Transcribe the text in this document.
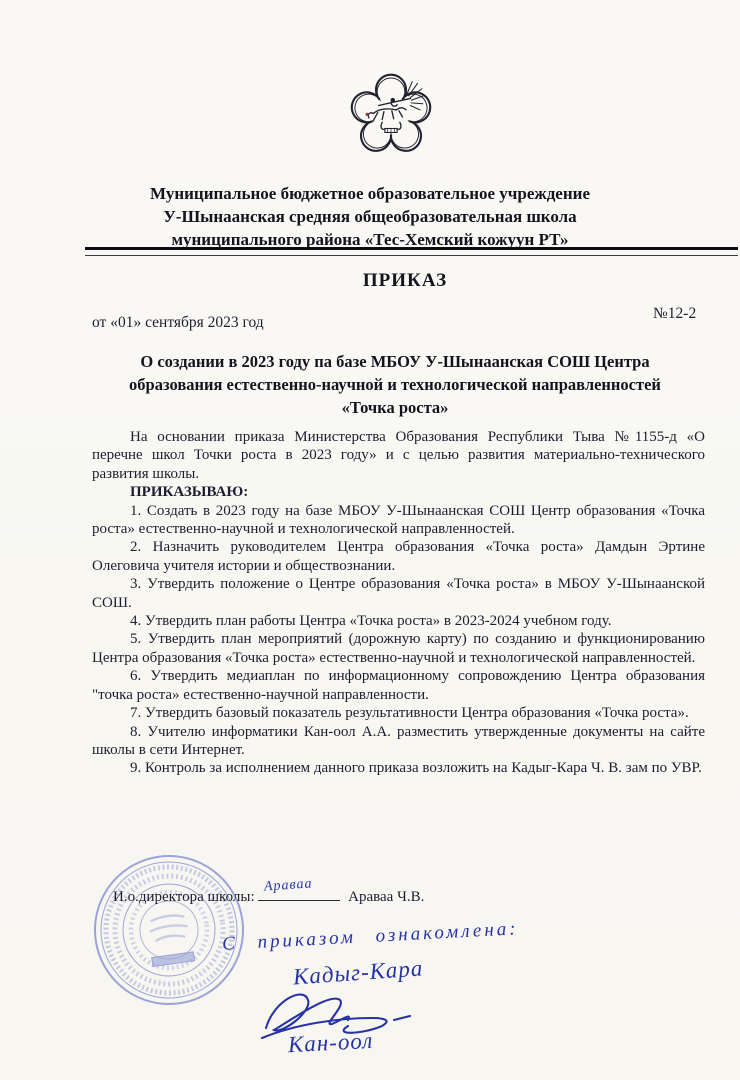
Муниципальное бюджетное образовательное учреждение
У-Шынаанская средняя общеобразовательная школа
муниципального района «Тес-Хемский кожуун РТ»
ПРИКАЗ
от «01» сентября 2023 год
№12-2
О создании в 2023 году па базе МБОУ У-Шынаанская СОШ Центра
образования естественно-научной и технологической направленностей
«Точка роста»

На основании приказа Министерства Образования Республики Тыва №1155-д «О перечне школ Точки роста в 2023 году» и с целью развития материально-технического развития школы.

ПРИКАЗЫВАЮ:

1. Создать в 2023 году на базе МБОУ У-Шынаанская СОШ Центр образования «Точка роста» естественно-научной и технологической направленностей.

2. Назначить руководителем Центра образования «Точка роста» Дамдын Эртине Олеговича учителя истории и обществознании.

3. Утвердить положение о Центре образования «Точка роста» в МБОУ У-Шынаанской СОШ.

4. Утвердить план работы Центра «Точка роста» в 2023-2024 учебном году.

5. Утвердить план мероприятий (дорожную карту) по созданию и функционированию Центра образования «Точка роста» естественно-научной и технологической направленностей.

6. Утвердить медиаплан по информационному сопровождению Центра образования "точка роста» естественно-научной направленности.

7. Утвердить базовый показатель результативности Центра образования «Точка роста».

8. Учителю информатики Кан-оол А.А. разместить утвержденные документы на сайте школы в сети Интернет.

9. Контроль за исполнением данного приказа возложить на Кадыг-Кара Ч. В. зам по УВР.

И.о.директора школы:
Араваа
Араваа Ч.В.
С приказом ознакомлена:
Кадыг-Кара
Кан-оол
